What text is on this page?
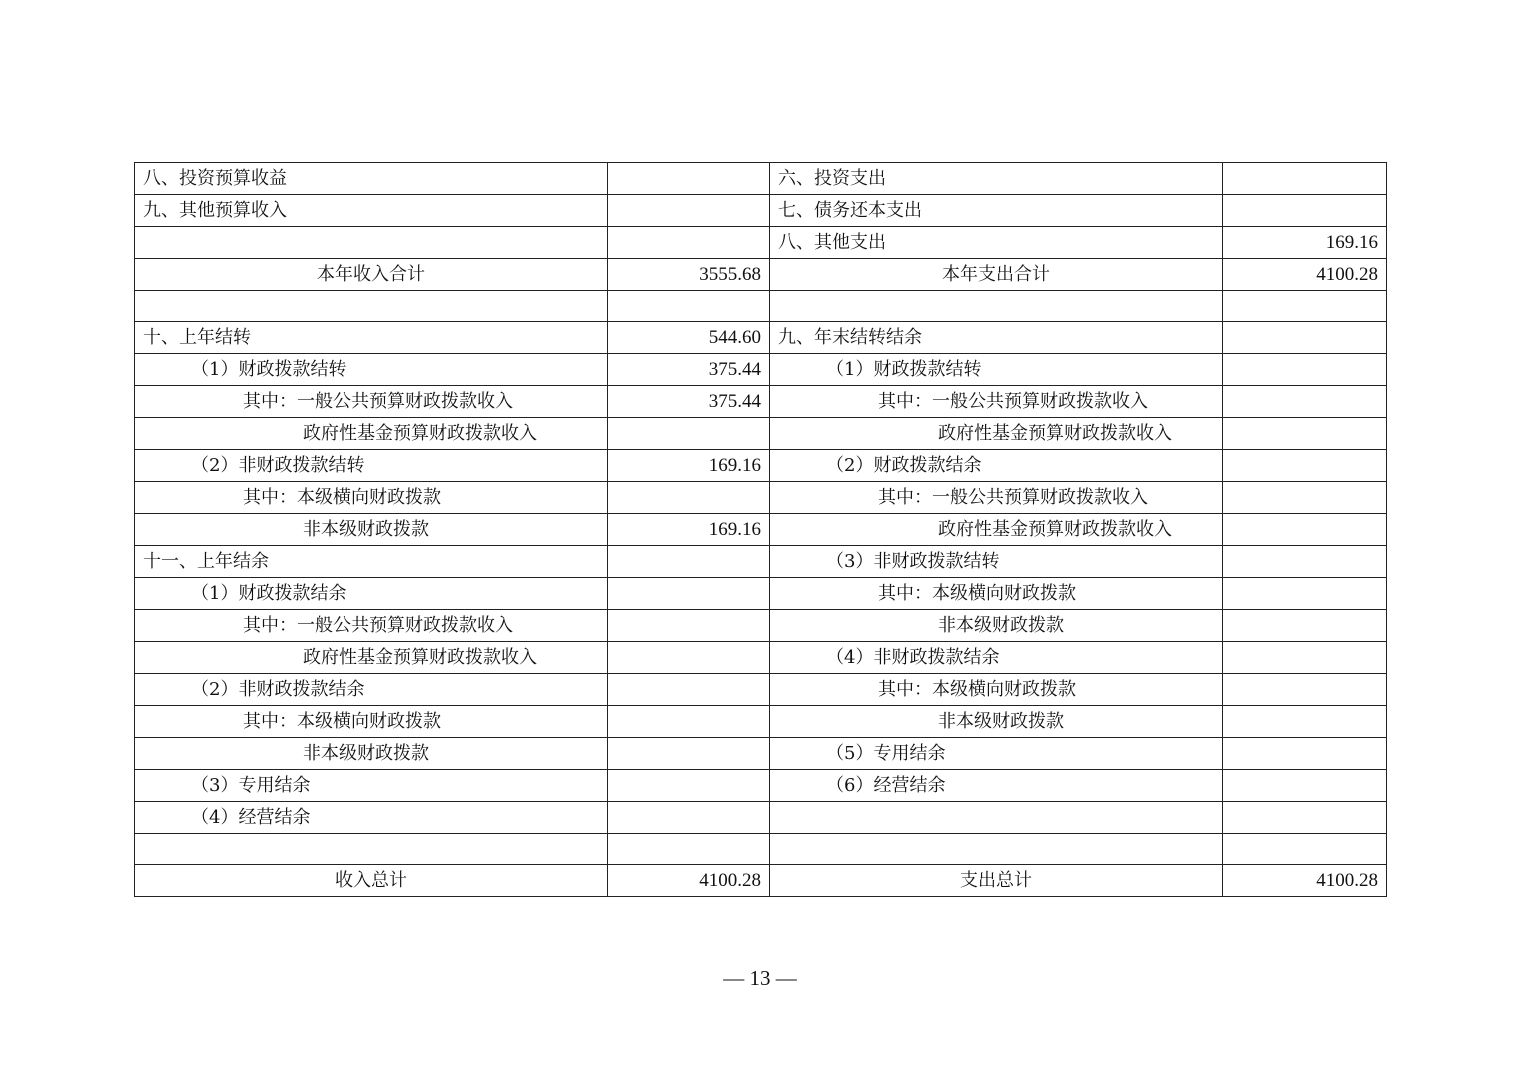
八、投资预算收益		六、投资支出	
九、其他预算收入		七、债务还本支出	
		八、其他支出	169.16
本年收入合计	3555.68	本年支出合计	4100.28

十、上年结转	544.60	九、年末结转结余	
（1）财政拨款结转	375.44	（1）财政拨款结转	
其中：一般公共预算财政拨款收入	375.44	其中：一般公共预算财政拨款收入	
政府性基金预算财政拨款收入		政府性基金预算财政拨款收入	
（2）非财政拨款结转	169.16	（2）财政拨款结余	
其中：本级横向财政拨款		其中：一般公共预算财政拨款收入	
非本级财政拨款	169.16	政府性基金预算财政拨款收入	
十一、上年结余		（3）非财政拨款结转	
（1）财政拨款结余		其中：本级横向财政拨款	
其中：一般公共预算财政拨款收入		非本级财政拨款	
政府性基金预算财政拨款收入		（4）非财政拨款结余	
（2）非财政拨款结余		其中：本级横向财政拨款	
其中：本级横向财政拨款		非本级财政拨款	
非本级财政拨款		（5）专用结余	
（3）专用结余		（6）经营结余	
（4）经营结余			

收入总计	4100.28	支出总计	4100.28
— 13 —
